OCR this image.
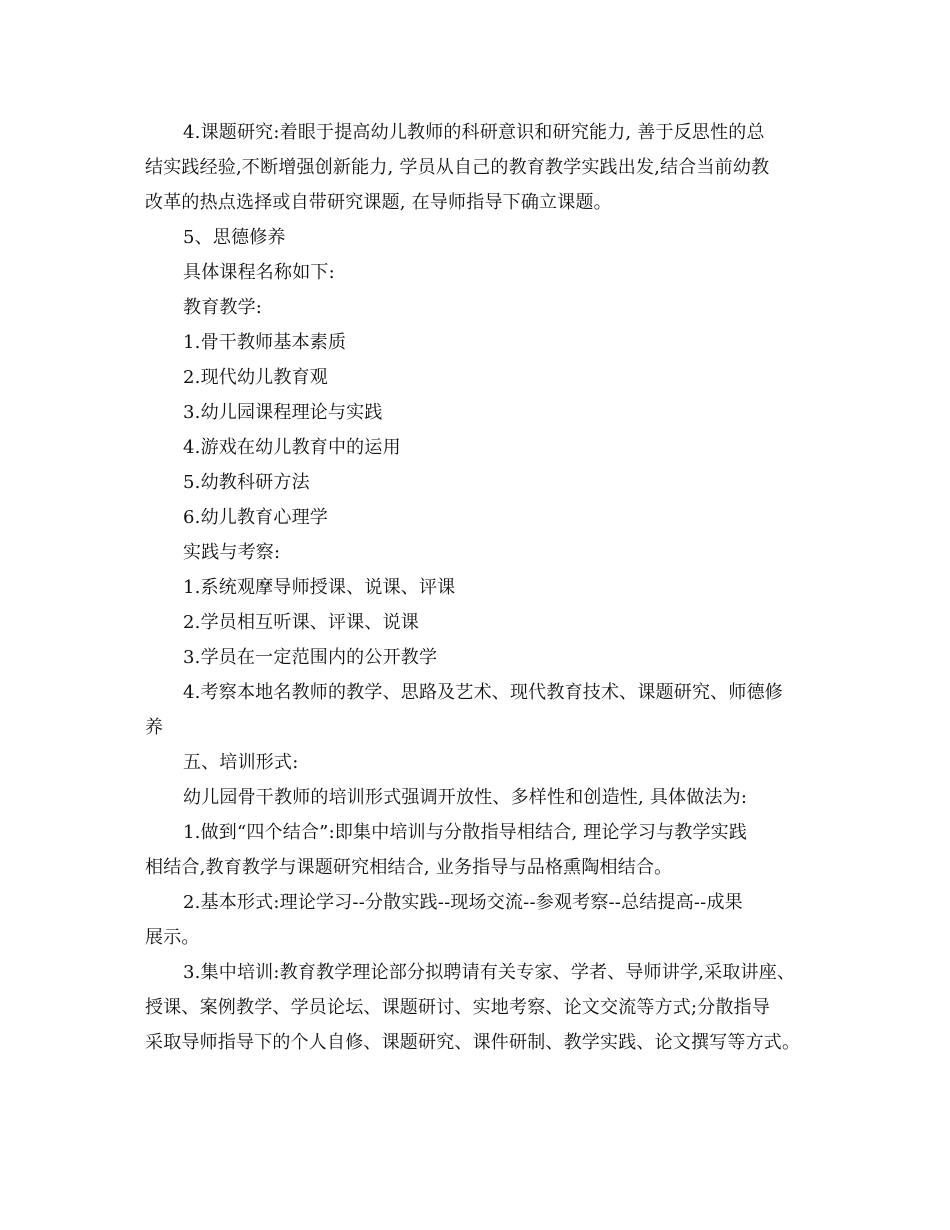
4.课题研究:着眼于提高幼儿教师的科研意识和研究能力, 善于反思性的总
结实践经验,不断增强创新能力, 学员从自己的教育教学实践出发,结合当前幼教
改革的热点选择或自带研究课题, 在导师指导下确立课题。
5、思德修养
具体课程名称如下:
教育教学:
1.骨干教师基本素质
2.现代幼儿教育观
3.幼儿园课程理论与实践
4.游戏在幼儿教育中的运用
5.幼教科研方法
6.幼儿教育心理学
实践与考察:
1.系统观摩导师授课、说课、评课
2.学员相互听课、评课、说课
3.学员在一定范围内的公开教学
4.考察本地名教师的教学、思路及艺术、现代教育技术、课题研究、师德修
养
五、培训形式:
幼儿园骨干教师的培训形式强调开放性、多样性和创造性, 具体做法为:
1.做到“四个结合”:即集中培训与分散指导相结合, 理论学习与教学实践
相结合,教育教学与课题研究相结合, 业务指导与品格熏陶相结合。
2.基本形式:理论学习--分散实践--现场交流--参观考察--总结提高--成果
展示。
3.集中培训:教育教学理论部分拟聘请有关专家、学者、导师讲学,采取讲座、
授课、案例教学、学员论坛、课题研讨、实地考察、论文交流等方式;分散指导
采取导师指导下的个人自修、课题研究、课件研制、教学实践、论文撰写等方式。
